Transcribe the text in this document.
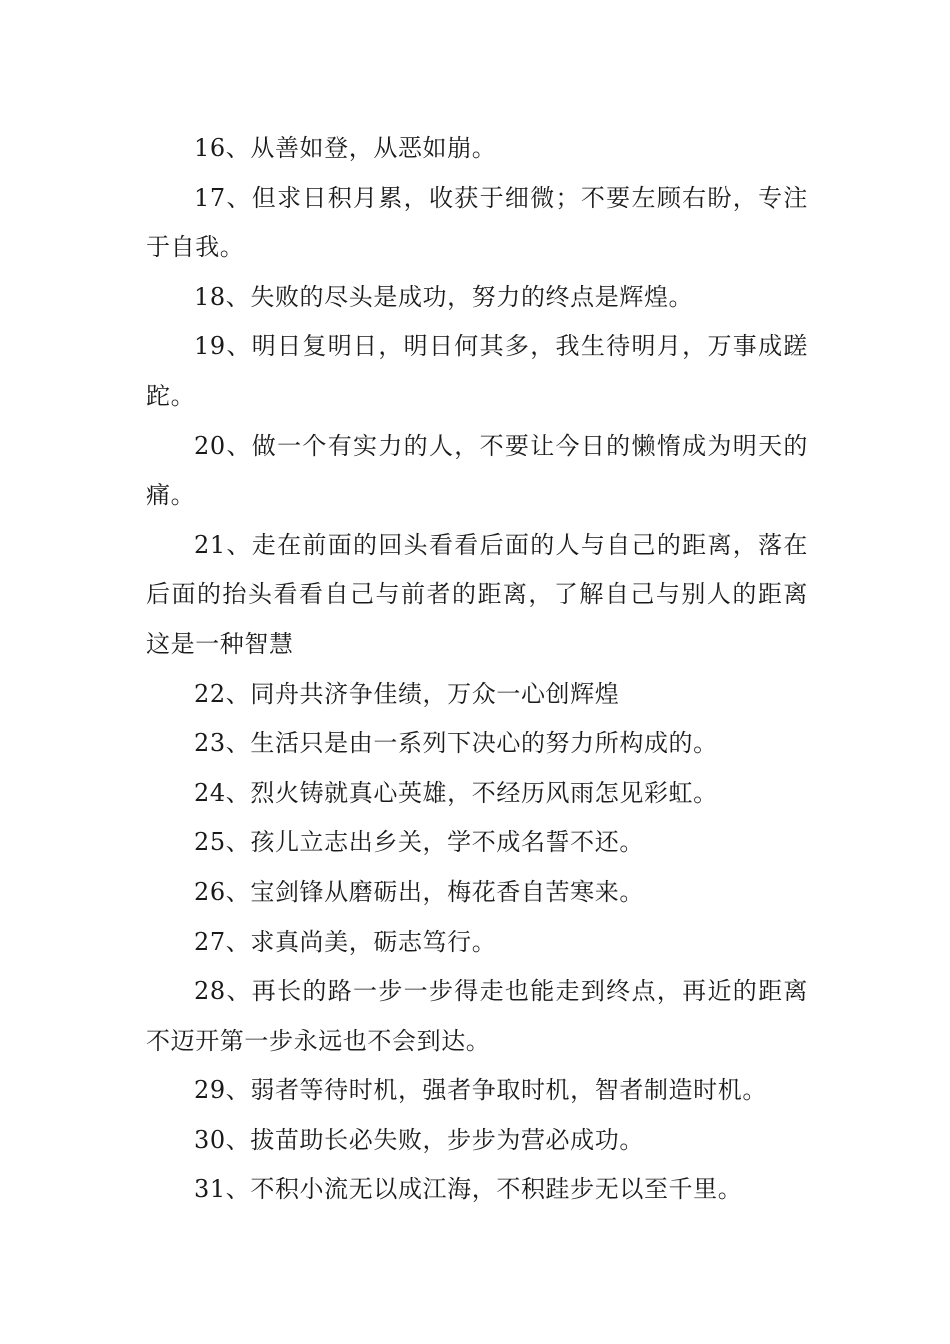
16、从善如登，从恶如崩。

17、但求日积月累，收获于细微；不要左顾右盼，专注于自我。

18、失败的尽头是成功，努力的终点是辉煌。

19、明日复明日，明日何其多，我生待明月，万事成蹉跎。

20、做一个有实力的人，不要让今日的懒惰成为明天的痛。

21、走在前面的回头看看后面的人与自己的距离，落在后面的抬头看看自己与前者的距离，了解自己与别人的距离这是一种智慧

22、同舟共济争佳绩，万众一心创辉煌

23、生活只是由一系列下决心的努力所构成的。

24、烈火铸就真心英雄，不经历风雨怎见彩虹。

25、孩儿立志出乡关，学不成名誓不还。

26、宝剑锋从磨砺出，梅花香自苦寒来。

27、求真尚美，砺志笃行。

28、再长的路一步一步得走也能走到终点，再近的距离不迈开第一步永远也不会到达。

29、弱者等待时机，强者争取时机，智者制造时机。

30、拔苗助长必失败，步步为营必成功。

31、不积小流无以成江海，不积跬步无以至千里。
